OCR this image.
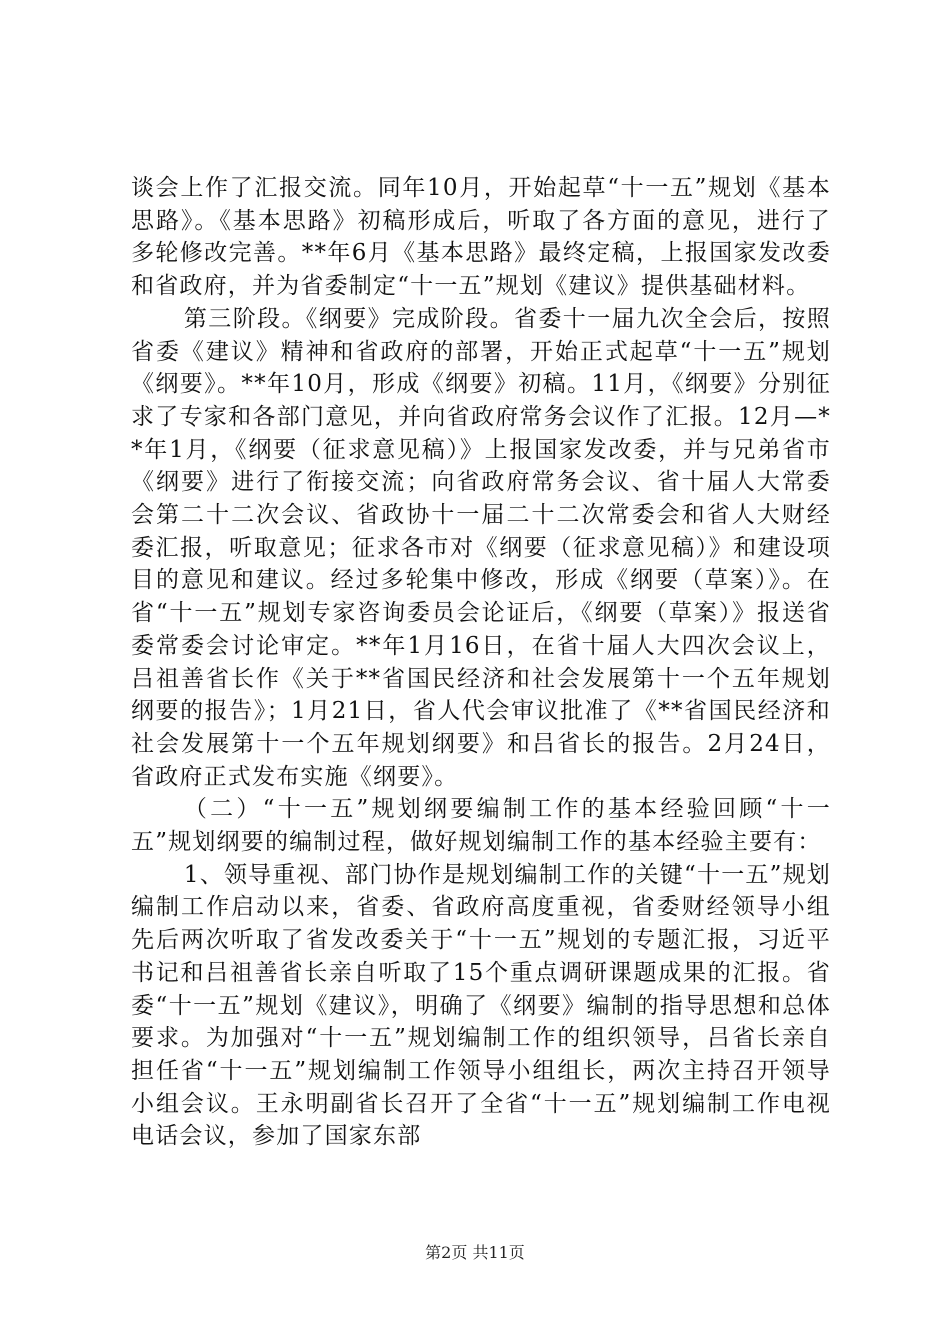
谈会上作了汇报交流。同年10月，开始起草“十一五”规划《基本思路》。《基本思路》初稿形成后，听取了各方面的意见，进行了多轮修改完善。**年6月《基本思路》最终定稿，上报国家发改委和省政府，并为省委制定“十一五”规划《建议》提供基础材料。

第三阶段。《纲要》完成阶段。省委十一届九次全会后，按照省委《建议》精神和省政府的部署，开始正式起草“十一五”规划《纲要》。**年10月，形成《纲要》初稿。11月，《纲要》分别征求了专家和各部门意见，并向省政府常务会议作了汇报。12月—**年1月，《纲要（征求意见稿）》上报国家发改委，并与兄弟省市《纲要》进行了衔接交流；向省政府常务会议、省十届人大常委会第二十二次会议、省政协十一届二十二次常委会和省人大财经委汇报，听取意见；征求各市对《纲要（征求意见稿）》和建设项目的意见和建议。经过多轮集中修改，形成《纲要（草案）》。在省“十一五”规划专家咨询委员会论证后，《纲要（草案）》报送省委常委会讨论审定。**年1月16日，在省十届人大四次会议上，吕祖善省长作《关于**省国民经济和社会发展第十一个五年规划纲要的报告》；1月21日，省人代会审议批准了《**省国民经济和社会发展第十一个五年规划纲要》和吕省长的报告。2月24日，省政府正式发布实施《纲要》。

（二）“十一五”规划纲要编制工作的基本经验回顾“十一五”规划纲要的编制过程，做好规划编制工作的基本经验主要有：

1、领导重视、部门协作是规划编制工作的关键“十一五”规划编制工作启动以来，省委、省政府高度重视，省委财经领导小组先后两次听取了省发改委关于“十一五”规划的专题汇报，习近平书记和吕祖善省长亲自听取了15个重点调研课题成果的汇报。省委“十一五”规划《建议》，明确了《纲要》编制的指导思想和总体要求。为加强对“十一五”规划编制工作的组织领导，吕省长亲自担任省“十一五”规划编制工作领导小组组长，两次主持召开领导小组会议。王永明副省长召开了全省“十一五”规划编制工作电视电话会议，参加了国家东部

第2页 共11页
